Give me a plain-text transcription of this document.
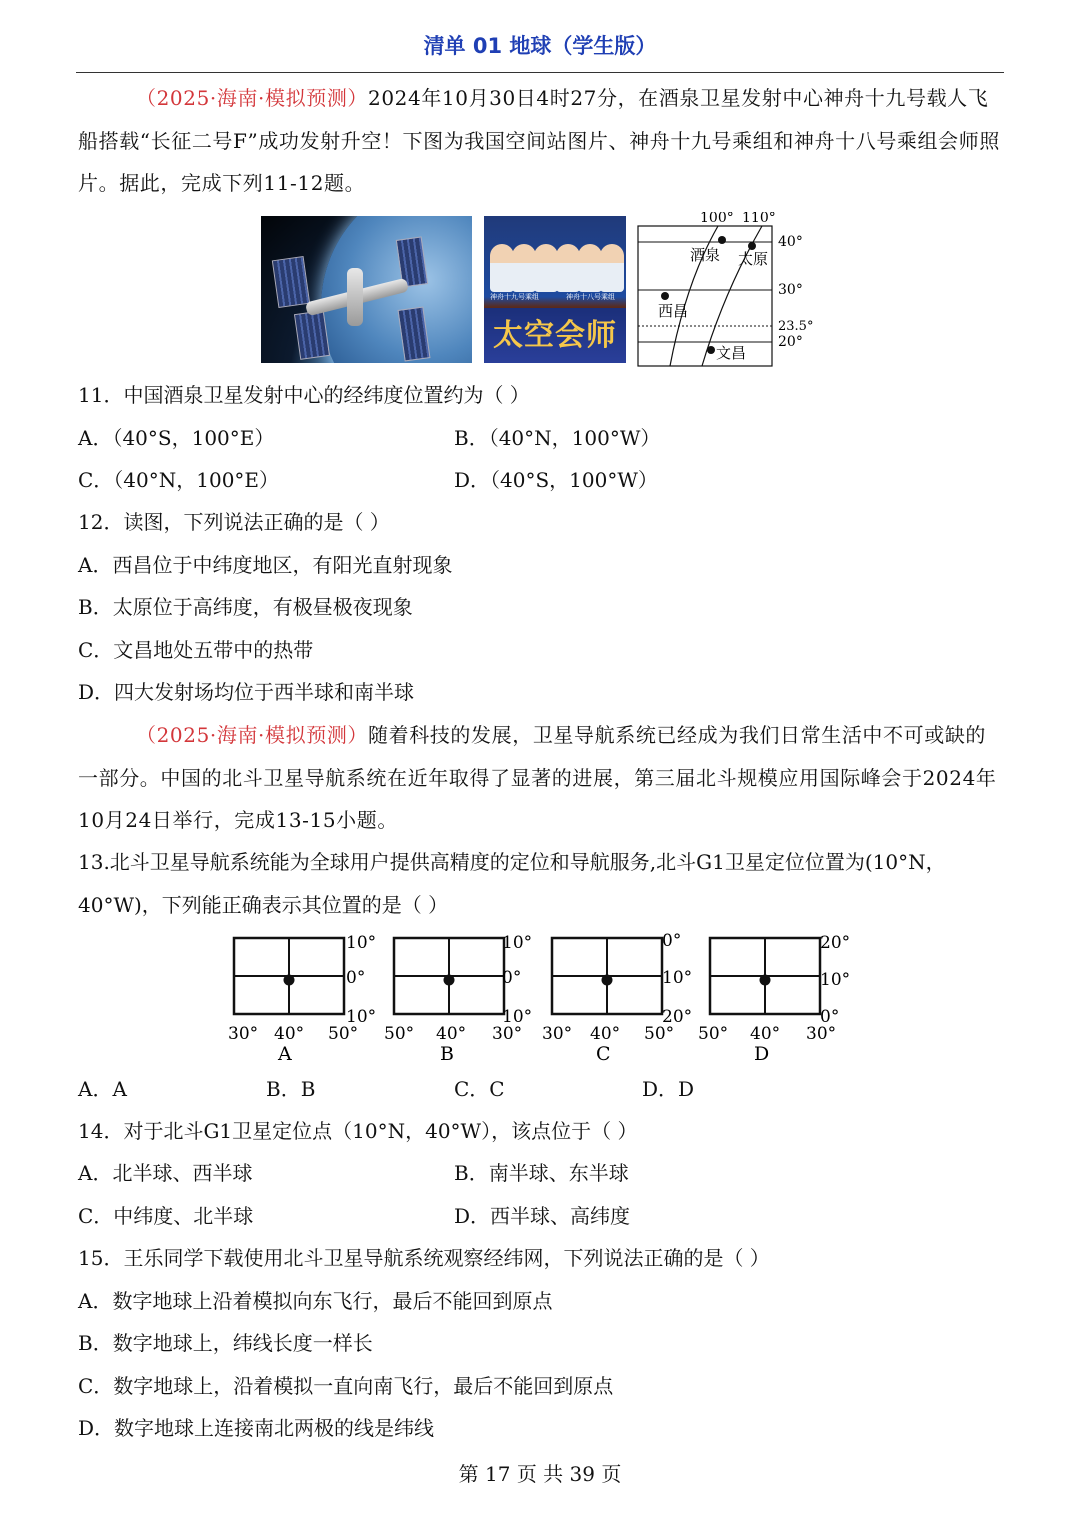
清单 01 地球（学生版）
（2025·海南·模拟预测）2024年10月30日4时27分，在酒泉卫星发射中心神舟十九号载人飞船搭载“长征二号F”成功发射升空！下图为我国空间站图片、神舟十九号乘组和神舟十八号乘组会师照片。据此，完成下列11-12题。
神舟十九号乘组	神舟十八号乘组
太空会师
100° 110°
40°
30°
23.5°
20°
酒泉 太原
西昌
文昌
11．中国酒泉卫星发射中心的经纬度位置约为（ ）
A．（40°S，100°E）	B．（40°N，100°W）
C．（40°N，100°E）	D．（40°S，100°W）
12．读图，下列说法正确的是（ ）
A．西昌位于中纬度地区，有阳光直射现象
B．太原位于高纬度，有极昼极夜现象
C．文昌地处五带中的热带
D．四大发射场均位于西半球和南半球
（2025·海南·模拟预测）随着科技的发展，卫星导航系统已经成为我们日常生活中不可或缺的一部分。中国的北斗卫星导航系统在近年取得了显著的进展，第三届北斗规模应用国际峰会于2024年10月24日举行，完成13-15小题。
13.北斗卫星导航系统能为全球用户提供高精度的定位和导航服务,北斗G1卫星定位位置为(10°N，40°W)，下列能正确表示其位置的是（ ）
10°
0°
10°
30° 40° 50°
A
10°
0°
10°
50° 40° 30°
B
0°
10°
20°
30° 40° 50°
C
20°
10°
0°
50° 40° 30°
D
A．A	B．B	C．C	D．D
14．对于北斗G1卫星定位点（10°N，40°W），该点位于（ ）
A．北半球、西半球	B．南半球、东半球
C．中纬度、北半球	D．西半球、高纬度
15．王乐同学下载使用北斗卫星导航系统观察经纬网，下列说法正确的是（ ）
A．数字地球上沿着模拟向东飞行，最后不能回到原点
B．数字地球上，纬线长度一样长
C．数字地球上，沿着模拟一直向南飞行，最后不能回到原点
D．数字地球上连接南北两极的线是纬线
第 17 页 共 39 页
